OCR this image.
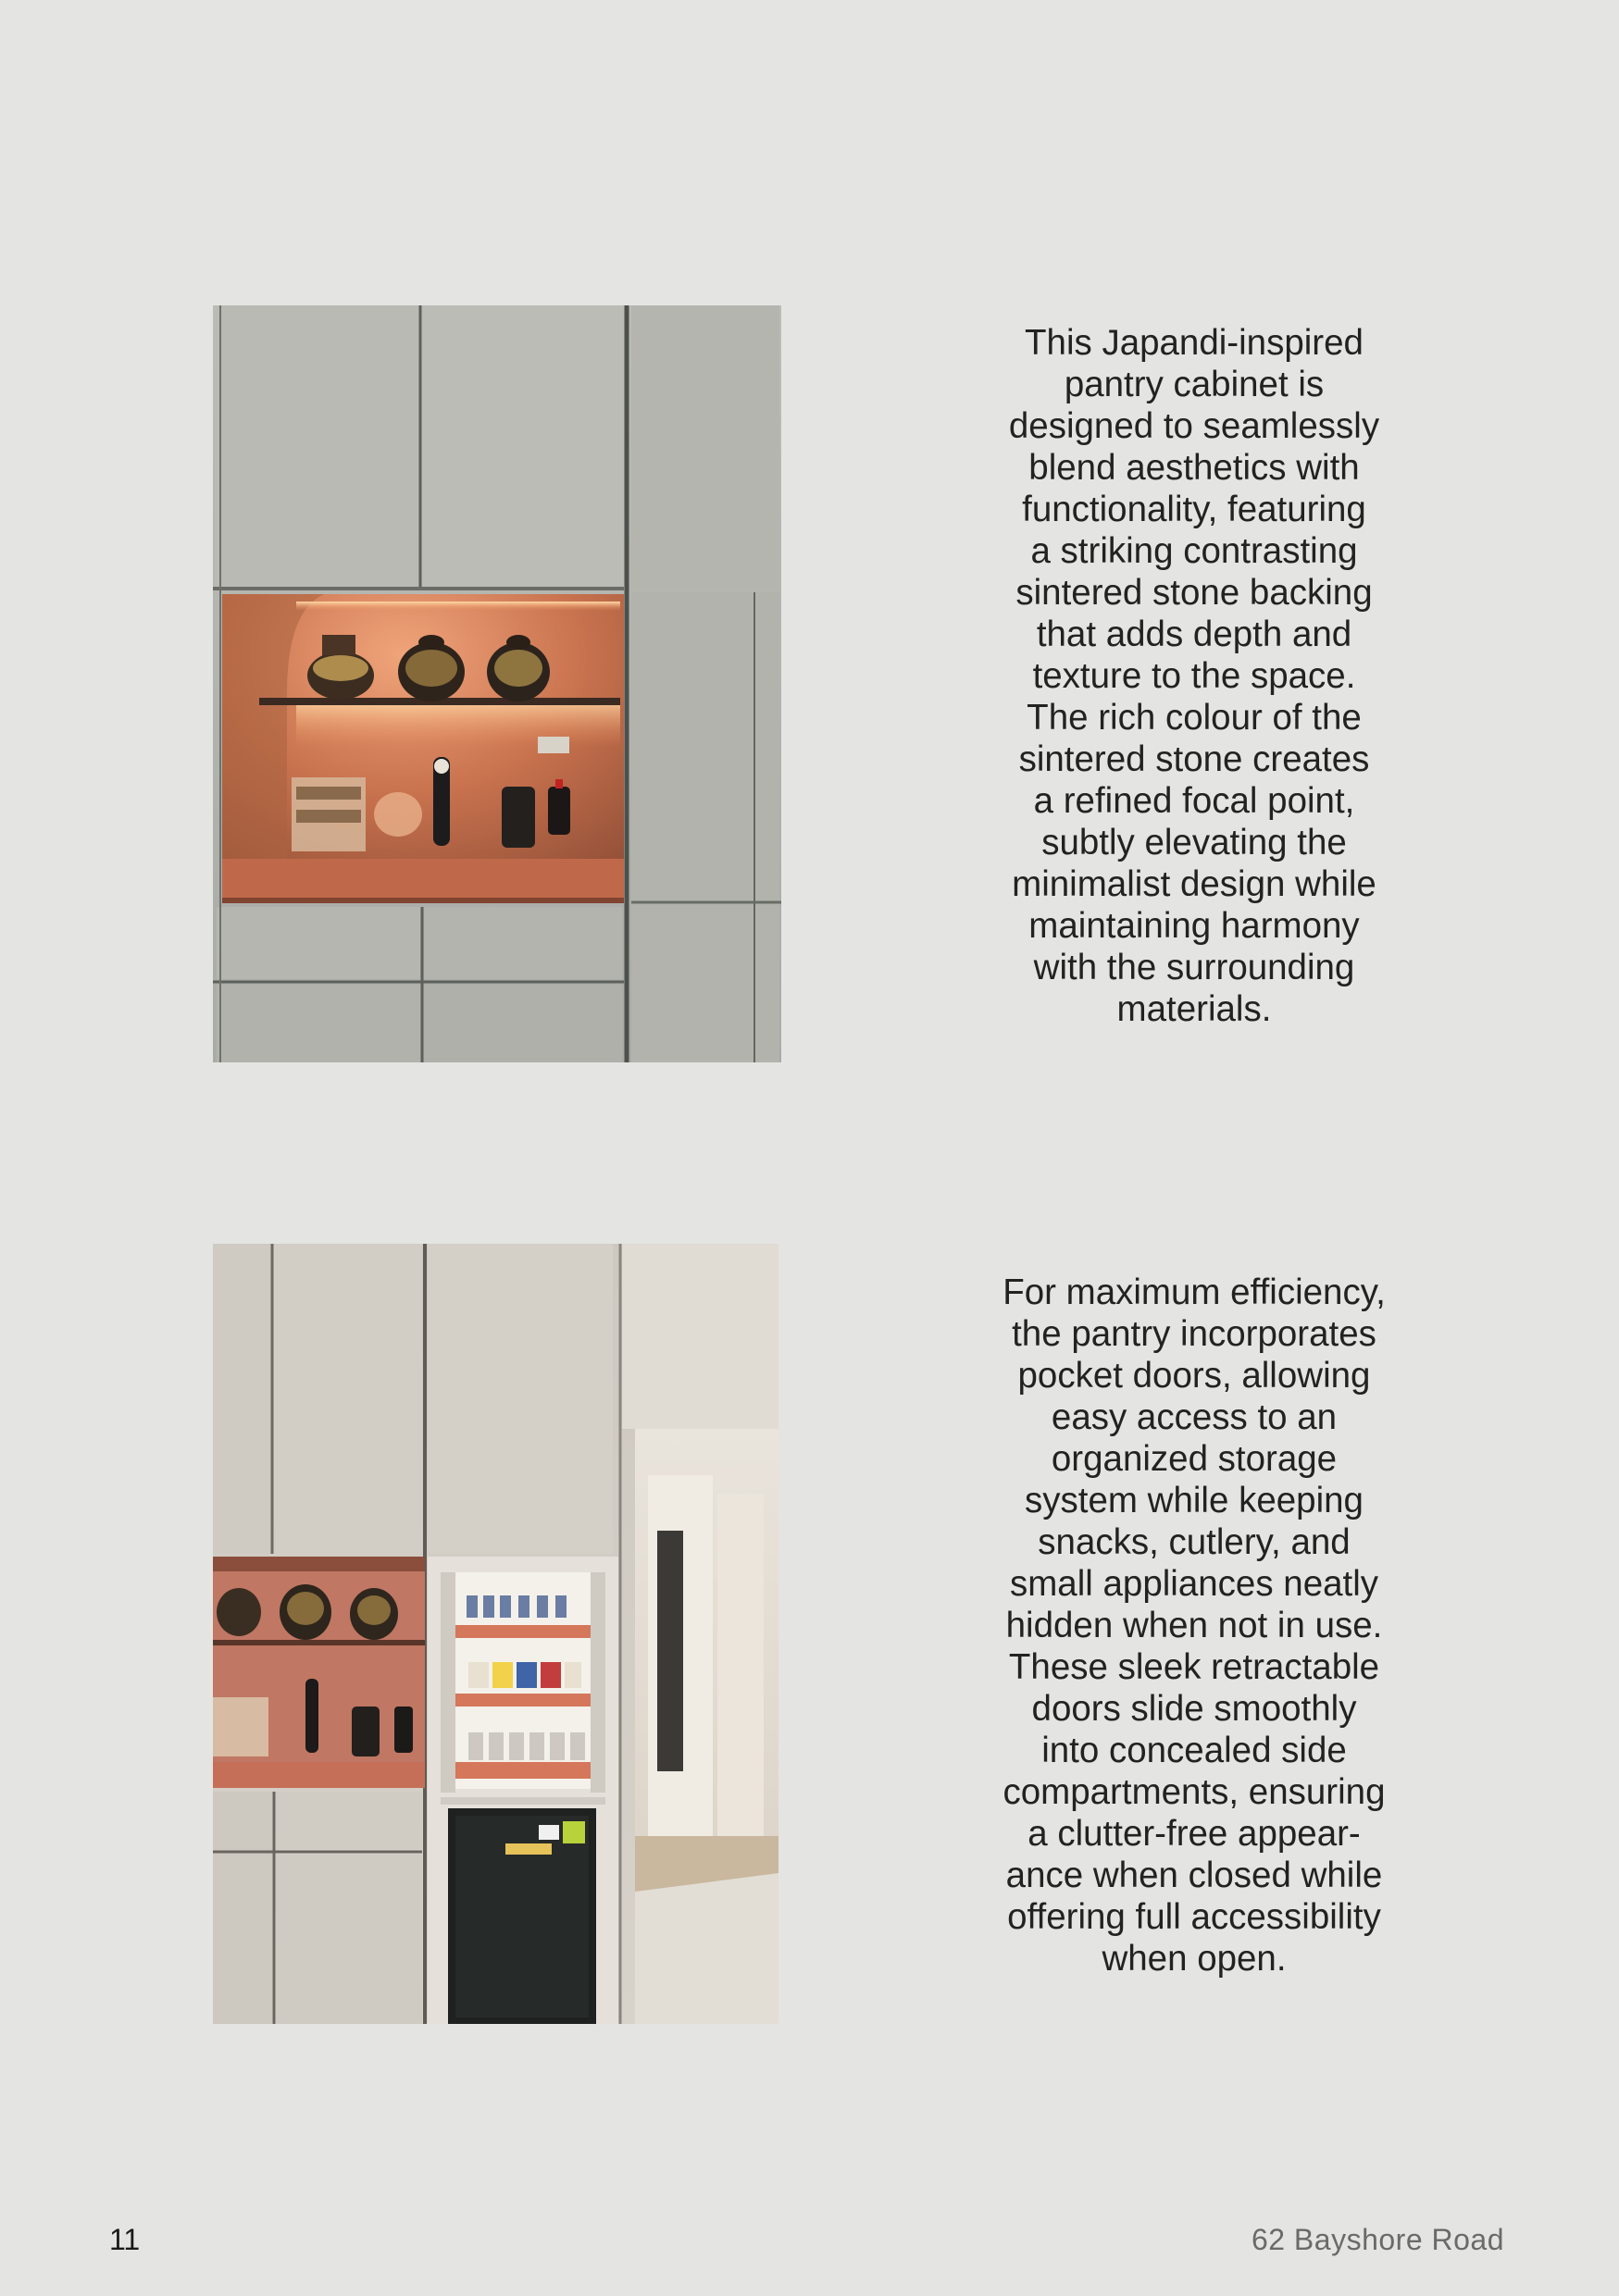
This Japandi-inspired
pantry cabinet is
designed to seamlessly
blend aesthetics with
functionality, featuring
a striking contrasting
sintered stone backing
that adds depth and
texture to the space.
The rich colour of the
sintered stone creates
a refined focal point,
subtly elevating the
minimalist design while
maintaining harmony
with the surrounding
materials.

For maximum efficiency,
the pantry incorporates
pocket doors, allowing
easy access to an
organized storage
system while keeping
snacks, cutlery, and
small appliances neatly
hidden when not in use.
These sleek retractable
doors slide smoothly
into concealed side
compartments, ensuring
a clutter-free appear-
ance when closed while
offering full accessibility
when open.

11	62 Bayshore Road
